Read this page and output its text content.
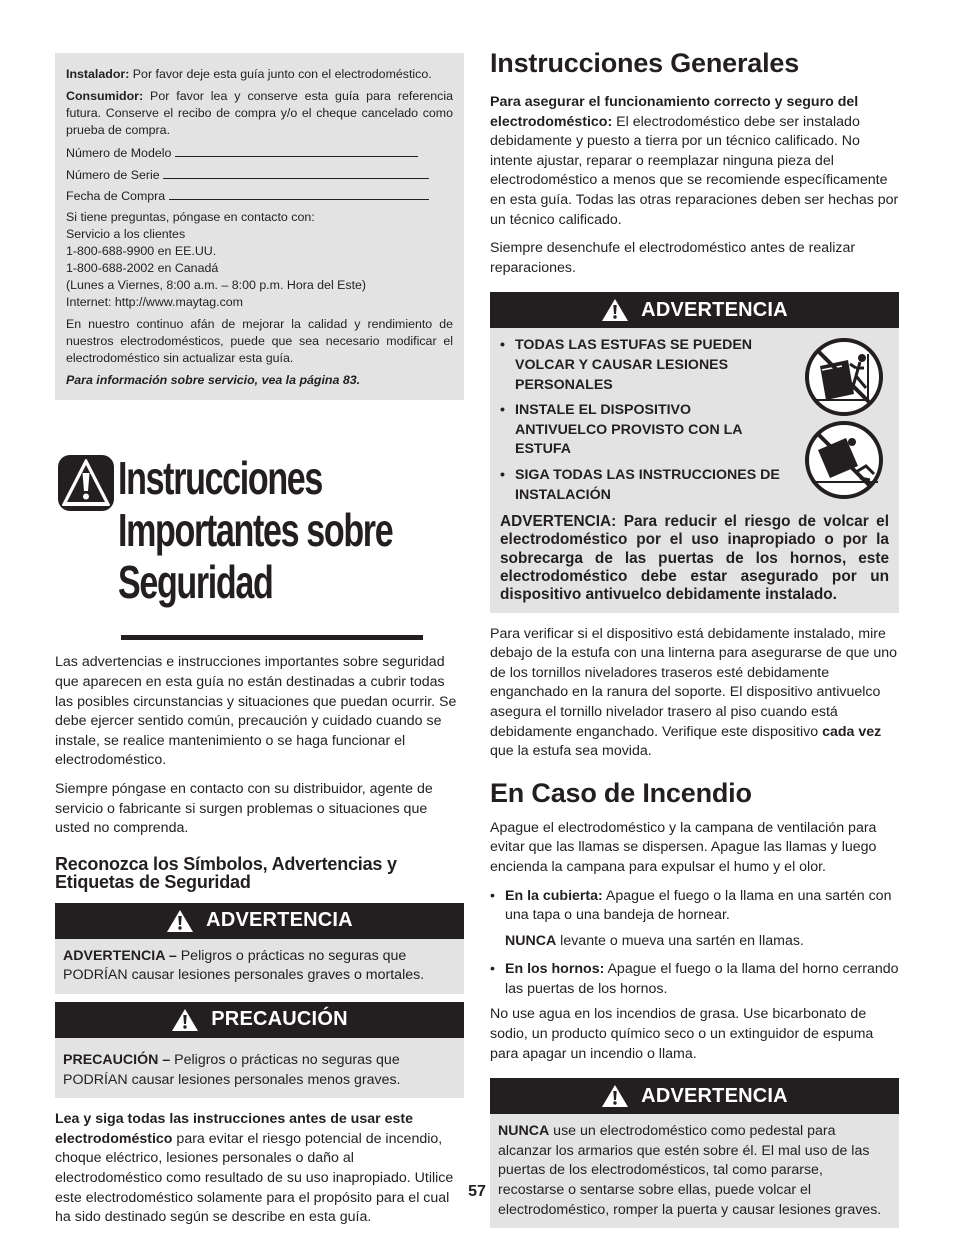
Instalador: Por favor deje esta guía junto con el electrodoméstico.

Consumidor: Por favor lea y conserve esta guía para referencia futura. Conserve el recibo de compra y/o el cheque cancelado como prueba de compra.

Número de Modelo

Número de Serie

Fecha de Compra

Si tiene preguntas, póngase en contacto con:
Servicio a los clientes
1-800-688-9900 en EE.UU.
1-800-688-2002 en Canadá
(Lunes a Viernes, 8:00 a.m. – 8:00 p.m. Hora del Este)
Internet: http://www.maytag.com

En nuestro continuo afán de mejorar la calidad y rendimiento de nuestros electrodomésticos, puede que sea necesario modificar el electrodoméstico sin actualizar esta guía.

Para información sobre servicio, vea la página 83.

Instrucciones
Importantes sobre
Seguridad

Las advertencias e instrucciones importantes sobre seguridad que aparecen en esta guía no están destinadas a cubrir todas las posibles circunstancias y situaciones que puedan ocurrir. Se debe ejercer sentido común, precaución y cuidado cuando se instale, se realice mantenimiento o se haga funcionar el electrodoméstico.

Siempre póngase en contacto con su distribuidor, agente de servicio o fabricante si surgen problemas o situaciones que usted no comprenda.

Reconozca los Símbolos, Advertencias y Etiquetas de Seguridad
ADVERTENCIA
ADVERTENCIA – Peligros o prácticas no seguras que PODRÍAN causar lesiones personales graves o mortales.
PRECAUCIÓN
PRECAUCIÓN – Peligros o prácticas no seguras que PODRÍAN causar lesiones personales menos graves.

Lea y siga todas las instrucciones antes de usar este electrodoméstico para evitar el riesgo potencial de incendio, choque eléctrico, lesiones personales o daño al electrodoméstico como resultado de su uso inapropiado. Utilice este electrodoméstico solamente para el propósito para el cual ha sido destinado según se describe en esta guía.

Instrucciones Generales

Para asegurar el funcionamiento correcto y seguro del electrodoméstico: El electrodoméstico debe ser instalado debidamente y puesto a tierra por un técnico calificado. No intente ajustar, reparar o reemplazar ninguna pieza del electrodoméstico a menos que se recomiende específicamente en esta guía. Todas las otras reparaciones deben ser hechas por un técnico calificado.

Siempre desenchufe el electrodoméstico antes de realizar reparaciones.

ADVERTENCIA
• TODAS LAS ESTUFAS SE PUEDEN VOLCAR Y CAUSAR LESIONES PERSONALES
• INSTALE EL DISPOSITIVO ANTIVUELCO PROVISTO CON LA ESTUFA
• SIGA TODAS LAS INSTRUCCIONES DE INSTALACIÓN

ADVERTENCIA: Para reducir el riesgo de volcar el electrodoméstico por el uso inapropiado o por la sobrecarga de las puertas de los hornos, este electrodoméstico debe estar asegurado por un dispositivo antivuelco debidamente instalado.

Para verificar si el dispositivo está debidamente instalado, mire debajo de la estufa con una linterna para asegurarse de que uno de los tornillos niveladores traseros esté debidamente enganchado en la ranura del soporte. El dispositivo antivuelco asegura el tornillo nivelador trasero al piso cuando está debidamente enganchado. Verifique este dispositivo cada vez que la estufa sea movida.

En Caso de Incendio

Apague el electrodoméstico y la campana de ventilación para evitar que las llamas se dispersen. Apague las llamas y luego encienda la campana para expulsar el humo y el olor.

• En la cubierta: Apague el fuego o la llama en una sartén con una tapa o una bandeja de hornear.

NUNCA levante o mueva una sartén en llamas.

• En los hornos: Apague el fuego o la llama del horno cerrando las puertas de los hornos.

No use agua en los incendios de grasa. Use bicarbonato de sodio, un producto químico seco o un extinguidor de espuma para apagar un incendio o llama.

ADVERTENCIA
NUNCA use un electrodoméstico como pedestal para alcanzar los armarios que estén sobre él. El mal uso de las puertas de los electrodomésticos, tal como pararse, recostarse o sentarse sobre ellas, puede volcar el electrodoméstico, romper la puerta y causar lesiones graves.
57
